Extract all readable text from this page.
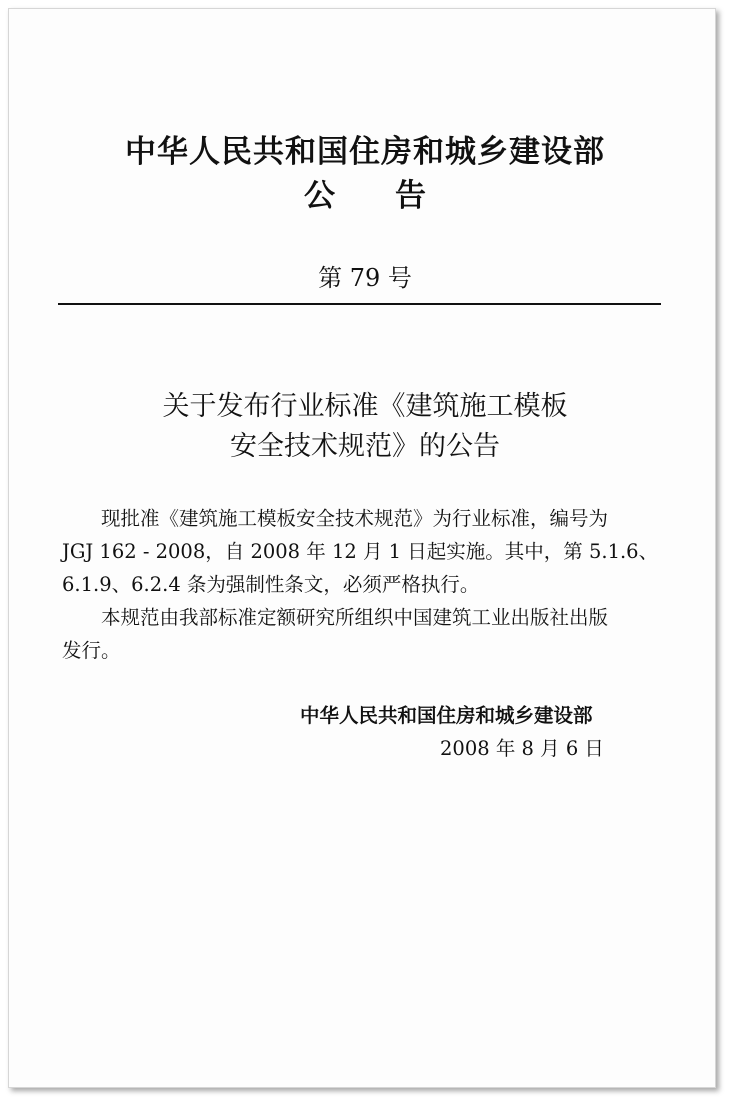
中华人民共和国住房和城乡建设部
公告
第 79 号
关于发布行业标准《建筑施工模板
安全技术规范》的公告
现批准《建筑施工模板安全技术规范》为行业标准，编号为
JGJ 162 - 2008，自 2008 年 12 月 1 日起实施。其中，第 5.1.6、
6.1.9、6.2.4 条为强制性条文，必须严格执行。
本规范由我部标准定额研究所组织中国建筑工业出版社出版
发行。
中华人民共和国住房和城乡建设部
2008 年 8 月 6 日
